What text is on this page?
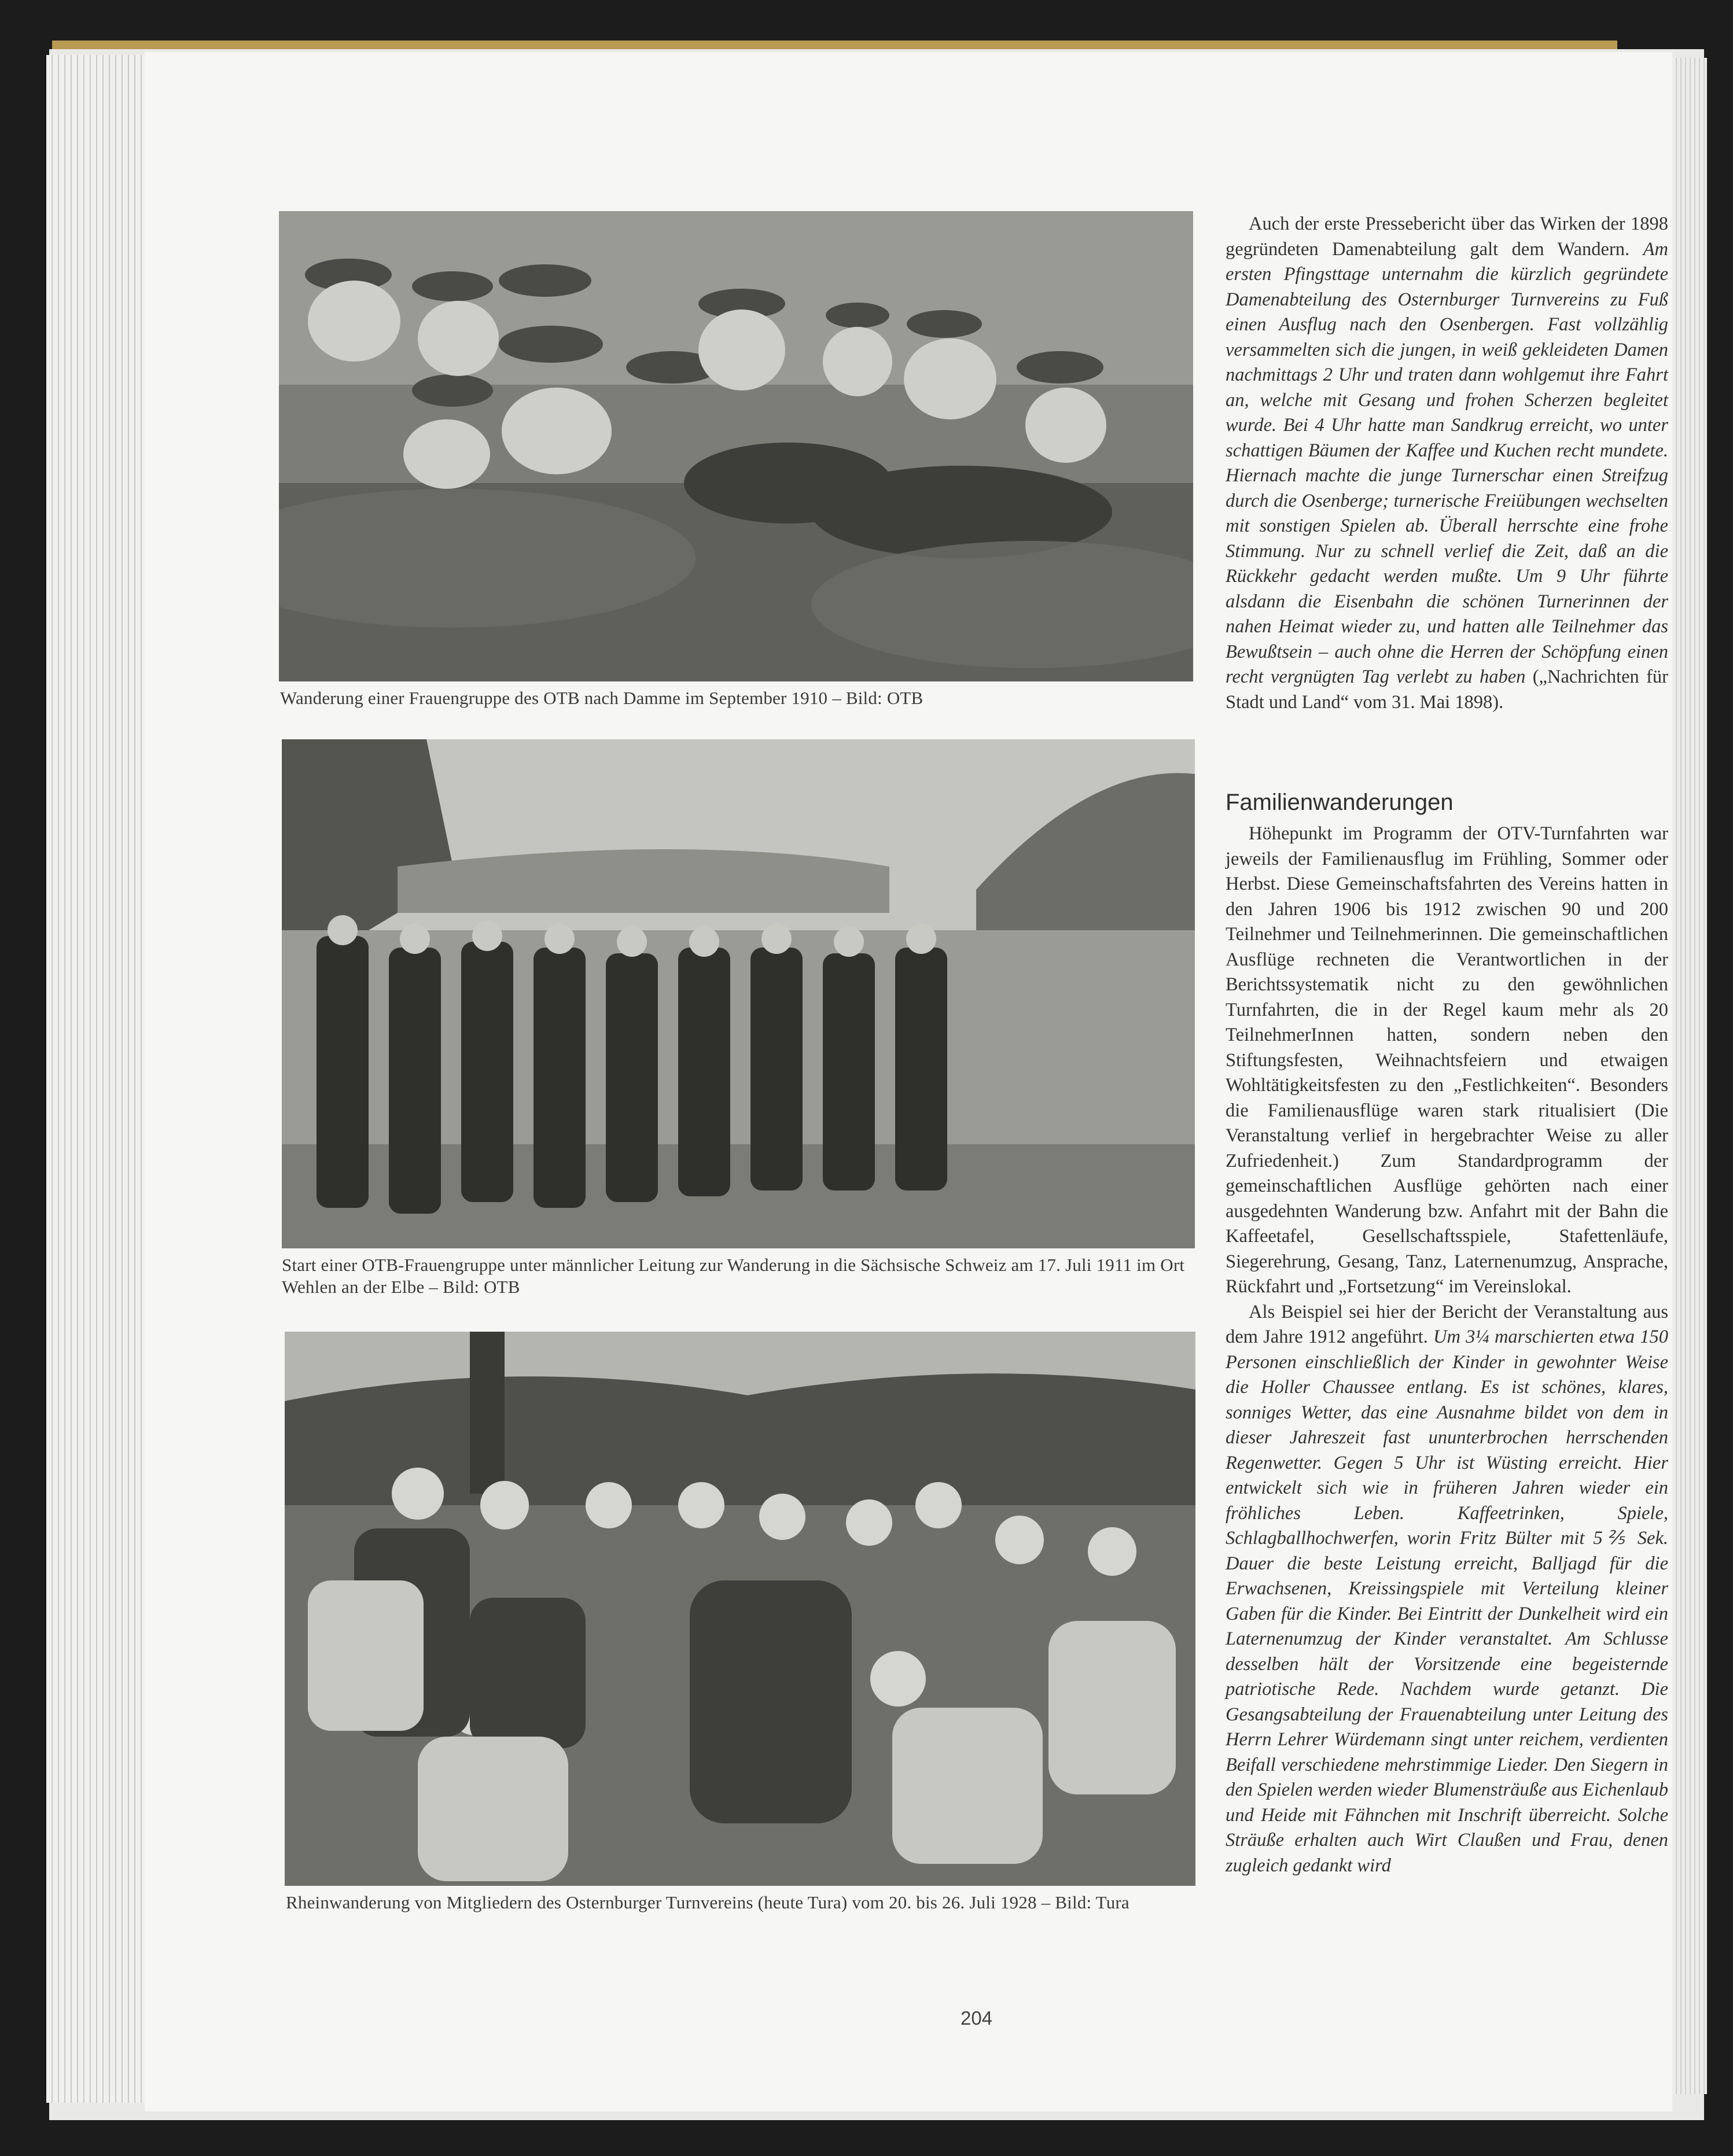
Wanderung einer Frauengruppe des OTB nach Damme im September 1910 – Bild: OTB
Start einer OTB-Frauengruppe unter männlicher Leitung zur Wanderung in die Sächsische Schweiz am 17. Juli 1911 im Ort Wehlen an der Elbe – Bild: OTB
Rheinwanderung von Mitgliedern des Osternburger Turnvereins (heute Tura) vom 20. bis 26. Juli 1928 – Bild: Tura

Auch der erste Pressebericht über das Wirken der 1898 gegründeten Damenabteilung galt dem Wandern. Am ersten Pfingsttage unternahm die kürzlich gegründete Damenabteilung des Osternburger Turnvereins zu Fuß einen Ausflug nach den Osenbergen. Fast vollzählig versammelten sich die jungen, in weiß gekleideten Damen nachmittags 2 Uhr und traten dann wohlgemut ihre Fahrt an, welche mit Gesang und frohen Scherzen begleitet wurde. Bei 4 Uhr hatte man Sandkrug erreicht, wo unter schattigen Bäumen der Kaffee und Kuchen recht mundete. Hiernach machte die junge Turnerschar einen Streifzug durch die Osenberge; turnerische Freiübungen wechselten mit sonstigen Spielen ab. Überall herrschte eine frohe Stimmung. Nur zu schnell verlief die Zeit, daß an die Rückkehr gedacht werden mußte. Um 9 Uhr führte alsdann die Eisenbahn die schönen Turnerinnen der nahen Heimat wieder zu, und hatten alle Teilnehmer das Bewußtsein – auch ohne die Herren der Schöpfung einen recht vergnügten Tag verlebt zu haben („Nachrichten für Stadt und Land“ vom 31. Mai 1898).

Familienwanderungen

Höhepunkt im Programm der OTV-Turnfahrten war jeweils der Familienausflug im Frühling, Sommer oder Herbst. Diese Gemeinschaftsfahrten des Vereins hatten in den Jahren 1906 bis 1912 zwischen 90 und 200 Teilnehmer und Teilnehmerinnen. Die gemeinschaftlichen Ausflüge rechneten die Verantwortlichen in der Berichtssystematik nicht zu den gewöhnlichen Turnfahrten, die in der Regel kaum mehr als 20 TeilnehmerInnen hatten, sondern neben den Stiftungsfesten, Weihnachtsfeiern und etwaigen Wohltätigkeitsfesten zu den „Festlichkeiten“. Besonders die Familienausflüge waren stark ritualisiert (Die Veranstaltung verlief in hergebrachter Weise zu aller Zufriedenheit.) Zum Standardprogramm der gemeinschaftlichen Ausflüge gehörten nach einer ausgedehnten Wanderung bzw. Anfahrt mit der Bahn die Kaffeetafel, Gesellschaftsspiele, Stafettenläufe, Siegerehrung, Gesang, Tanz, Laternenumzug, Ansprache, Rückfahrt und „Fortsetzung“ im Vereinslokal.

Als Beispiel sei hier der Bericht der Veranstaltung aus dem Jahre 1912 angeführt. Um 3¼ marschierten etwa 150 Personen einschließlich der Kinder in gewohnter Weise die Holler Chaussee entlang. Es ist schönes, klares, sonniges Wetter, das eine Ausnahme bildet von dem in dieser Jahreszeit fast ununterbrochen herrschenden Regenwetter. Gegen 5 Uhr ist Wüsting erreicht. Hier entwickelt sich wie in früheren Jahren wieder ein fröhliches Leben. Kaffeetrinken, Spiele, Schlagballhochwerfen, worin Fritz Bülter mit 5⅖ Sek. Dauer die beste Leistung erreicht, Balljagd für die Erwachsenen, Kreissingspiele mit Verteilung kleiner Gaben für die Kinder. Bei Eintritt der Dunkelheit wird ein Laternenumzug der Kinder veranstaltet. Am Schlusse desselben hält der Vorsitzende eine begeisternde patriotische Rede. Nachdem wurde getanzt. Die Gesangsabteilung der Frauenabteilung unter Leitung des Herrn Lehrer Würdemann singt unter reichem, verdienten Beifall verschiedene mehrstimmige Lieder. Den Siegern in den Spielen werden wieder Blumensträuße aus Eichenlaub und Heide mit Fähnchen mit Inschrift überreicht. Solche Sträuße erhalten auch Wirt Claußen und Frau, denen zugleich gedankt wird

204
